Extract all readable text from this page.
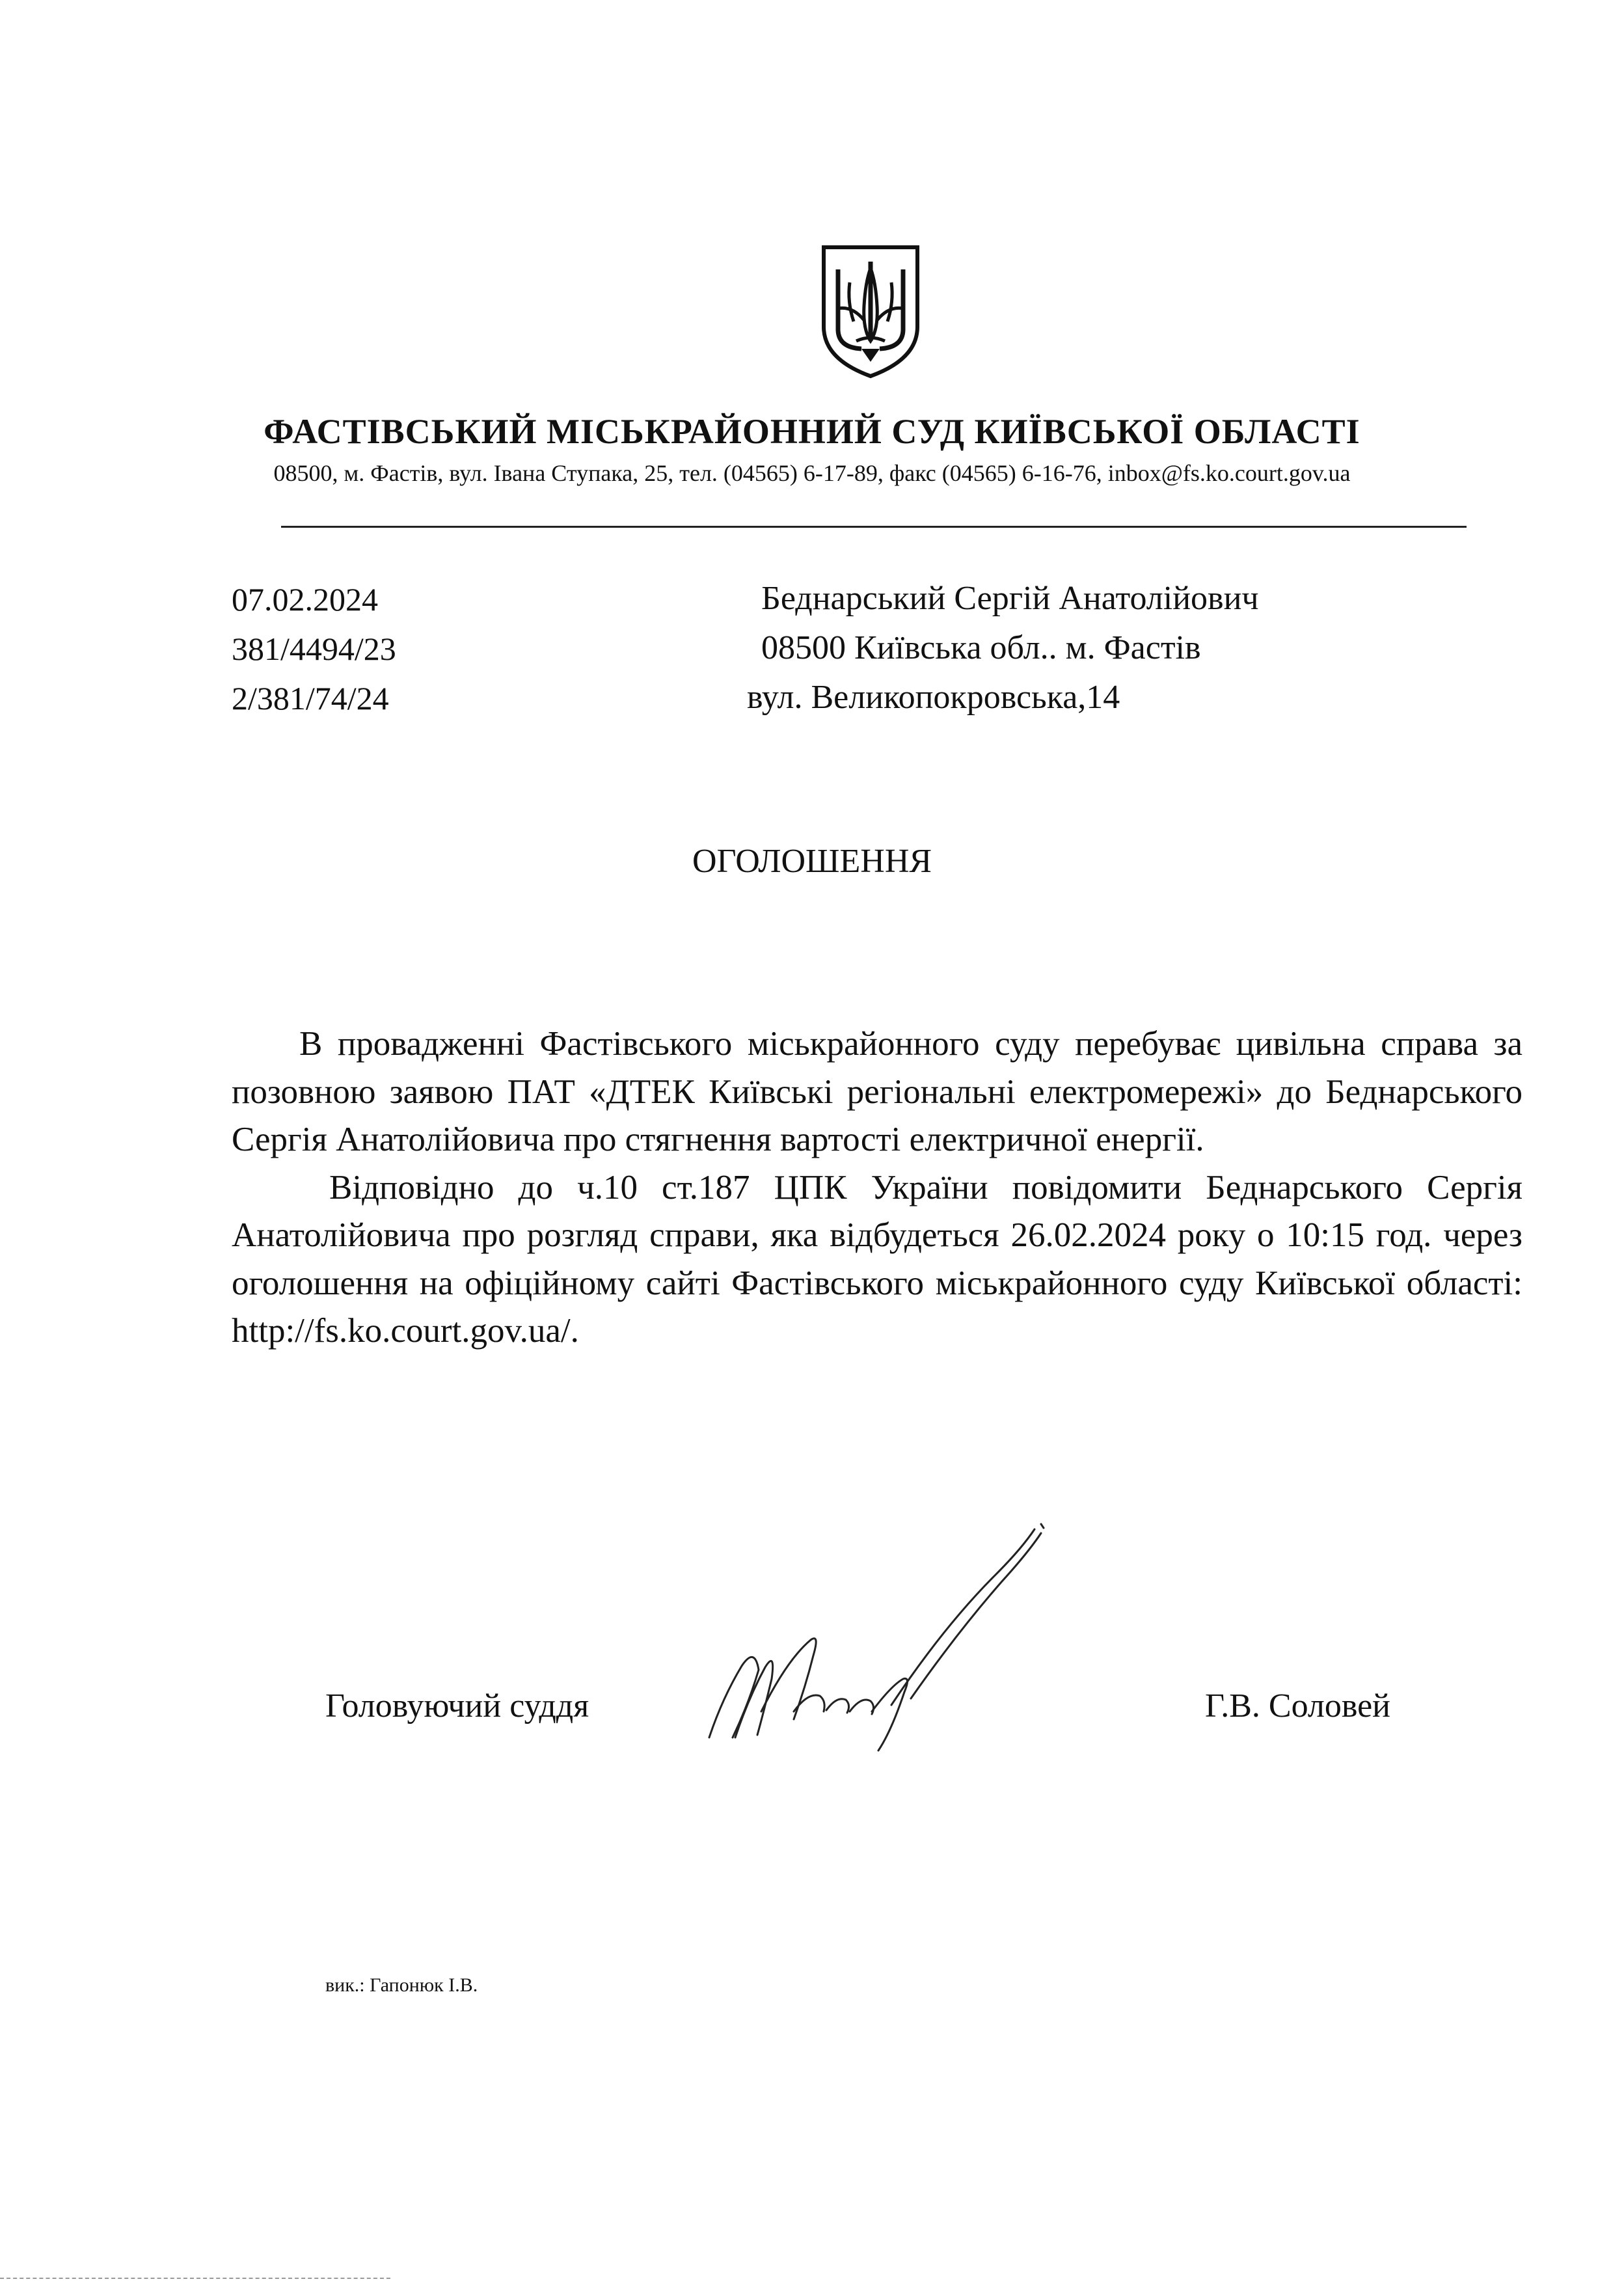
ФАСТІВСЬКИЙ МІСЬКРАЙОННИЙ СУД КИЇВСЬКОЇ ОБЛАСТІ
08500, м. Фастів, вул. Івана Ступака, 25, тел. (04565) 6-17-89, факс (04565) 6-16-76, inbox@fs.ko.court.gov.ua
07.02.2024
381/4494/23
2/381/74/24
Беднарський Сергій Анатолійович
08500 Київська обл.. м. Фастів
вул. Великопокровська,14
ОГОЛОШЕННЯ

В провадженні Фастівського міськрайонного суду перебуває цивільна справа за позовною заявою ПАТ «ДТЕК Київські регіональні електромережі» до Беднарського Сергія Анатолійовича про стягнення вартості електричної енергії.

Відповідно до ч.10 ст.187 ЦПК України повідомити Беднарського Сергія Анатолійовича про розгляд справи, яка відбудеться 26.02.2024 року о 10:15 год. через оголошення на офіційному сайті Фастівського міськрайонного суду Київської області: http://fs.ko.court.gov.ua/.

Головуючий суддя	Г.В. Соловей
вик.: Гапонюк І.В.
